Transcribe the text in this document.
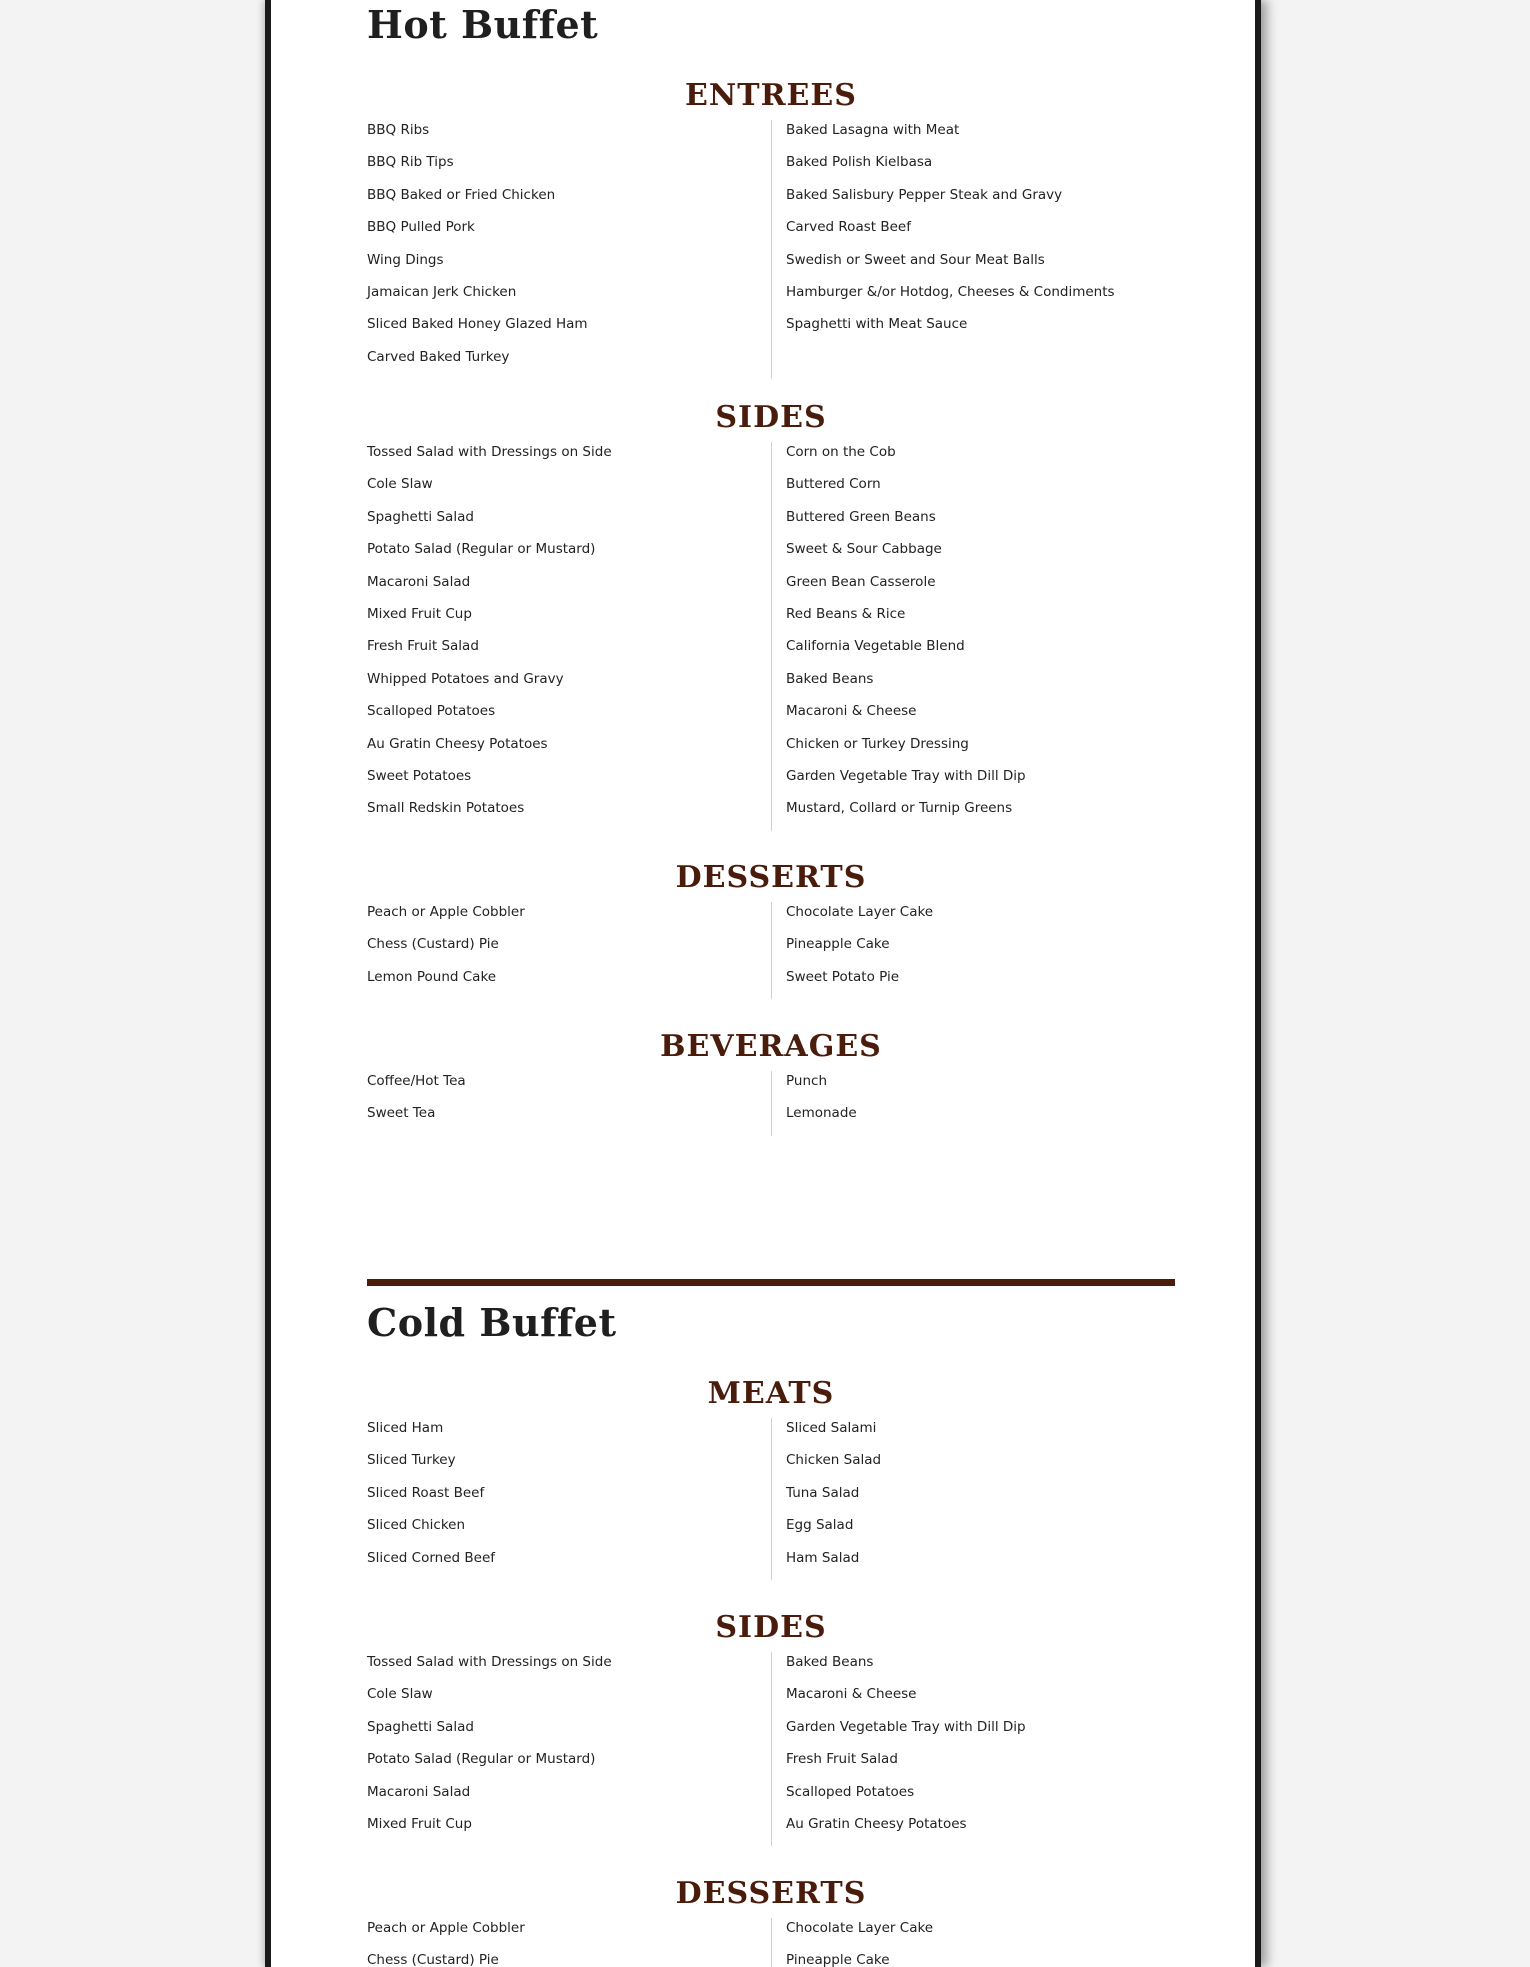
Hot Buffet
ENTREES
BBQ Ribs
BBQ Rib Tips
BBQ Baked or Fried Chicken
BBQ Pulled Pork
Wing Dings
Jamaican Jerk Chicken
Sliced Baked Honey Glazed Ham
Carved Baked Turkey
Baked Lasagna with Meat
Baked Polish Kielbasa
Baked Salisbury Pepper Steak and Gravy
Carved Roast Beef
Swedish or Sweet and Sour Meat Balls
Hamburger &/or Hotdog, Cheeses & Condiments
Spaghetti with Meat Sauce
SIDES
Tossed Salad with Dressings on Side
Cole Slaw
Spaghetti Salad
Potato Salad (Regular or Mustard)
Macaroni Salad
Mixed Fruit Cup
Fresh Fruit Salad
Whipped Potatoes and Gravy
Scalloped Potatoes
Au Gratin Cheesy Potatoes
Sweet Potatoes
Small Redskin Potatoes
Corn on the Cob
Buttered Corn
Buttered Green Beans
Sweet & Sour Cabbage
Green Bean Casserole
Red Beans & Rice
California Vegetable Blend
Baked Beans
Macaroni & Cheese
Chicken or Turkey Dressing
Garden Vegetable Tray with Dill Dip
Mustard, Collard or Turnip Greens
DESSERTS
Peach or Apple Cobbler
Chess (Custard) Pie
Lemon Pound Cake
Chocolate Layer Cake
Pineapple Cake
Sweet Potato Pie
BEVERAGES
Coffee/Hot Tea
Sweet Tea
Punch
Lemonade
Cold Buffet
MEATS
Sliced Ham
Sliced Turkey
Sliced Roast Beef
Sliced Chicken
Sliced Corned Beef
Sliced Salami
Chicken Salad
Tuna Salad
Egg Salad
Ham Salad
SIDES
Tossed Salad with Dressings on Side
Cole Slaw
Spaghetti Salad
Potato Salad (Regular or Mustard)
Macaroni Salad
Mixed Fruit Cup
Baked Beans
Macaroni & Cheese
Garden Vegetable Tray with Dill Dip
Fresh Fruit Salad
Scalloped Potatoes
Au Gratin Cheesy Potatoes
DESSERTS
Peach or Apple Cobbler
Chess (Custard) Pie
Chocolate Layer Cake
Pineapple Cake
